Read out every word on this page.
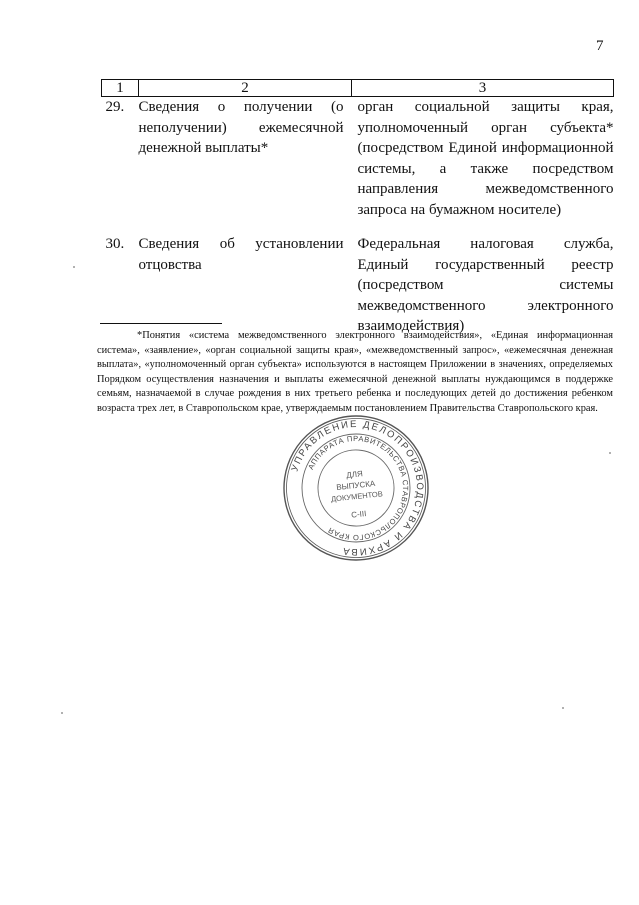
7
1	2	3
29.	Сведения о получении (о неполучении) ежемесячной денежной выплаты*	орган социальной защиты края, уполномоченный орган субъекта* (посредством Единой информационной системы, а также посредством направления межведомственного запроса на бумажном носителе)

30.	Сведения об установлении отцовства	Федеральная налоговая служба, Единый государственный реестр (посредством системы межведомственного электронного взаимодействия)
*Понятия «система межведомственного электронного взаимодействия», «Единая информационная система», «заявление», «орган социальной защиты края», «межведомственный запрос», «ежемесячная денежная выплата», «уполномоченный орган субъекта» используются в настоящем Приложении в значениях, определяемых Порядком осуществления назначения и выплаты ежемесячной денежной выплаты нуждающимся в поддержке семьям, назначаемой в случае рождения в них третьего ребенка и последующих детей до достижения ребенком возраста трех лет, в Ставропольском крае, утверждаемым постановлением Правительства Ставропольского края.
УПРАВЛЕНИЕ ДЕЛОПРОИЗВОДСТВА И АРХИВА
АППАРАТА ПРАВИТЕЛЬСТВА СТАВРОПОЛЬСКОГО КРАЯ
ДЛЯ
ВЫПУСКА
ДОКУМЕНТОВ
С-III
